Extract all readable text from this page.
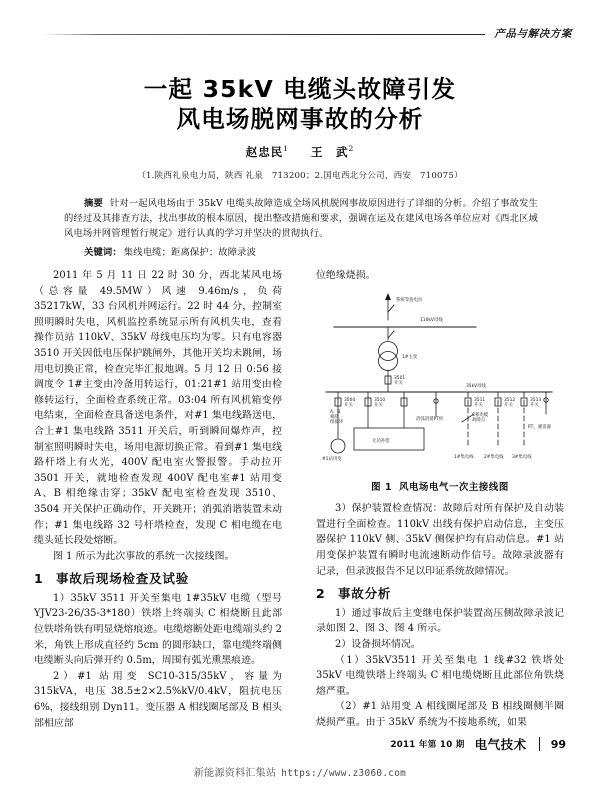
产品与解决方案
一起 35kV 电缆头故障引发
风电场脱网事故的分析
赵忠民$^1$ 王　武$^2$
（1.陕西礼泉电力局，陕西 礼泉　713200；2.国电西北分公司，西安　710075）

摘要 针对一起风电场由于 35kV 电缆头故障造成全场风机脱网事故原因进行了详细的分析。介绍了事故发生的经过及其排查方法，找出事故的根本原因，提出整改措施和要求，强调在运及在建风电场各单位应对《西北区域风电场并网管理暂行规定》进行认真的学习并坚决的贯彻执行。

关键词： 集线电缆；距离保护；故障录波

2011 年 5 月 11 日 22 时 30 分，西北某风电场（总容量 49.5MW）风速 9.46m/s，负荷 35217kW，33 台风机并网运行。22 时 44 分，控制室照明瞬时失电，风机监控系统显示所有风机失电，查看操作员站 110kV、35kV 母线电压均为零。只有电容器 3510 开关因低电压保护跳闸外，其他开关均未跳闸，场用电切换正常，检查完毕汇报地调。5 月 12 日 0:56 接调度令 1#主变由冷备用转运行，01:21#1 站用变由检修转运行，全面检查系统正常。03:04 所有风机箱变停电结束，全面检查具备送电条件，对#1 集电线路送电，合上#1 集电线路 3511 开关后，听到瞬间爆炸声，控制室照明瞬时失电，场用电源切换正常。看到#1 集电线路杆塔上有火光，400V 配电室火警报警。手动拉开 3501 开关，就地检查发现 400V 配电室#1 站用变 A、B 相绝缘击穿；35kV 配电室检查发现 3510、3504 开关保护正确动作，开关跳开；消弧消谐装置未动作；#1 集电线路 32 号杆塔检查，发现 C 相电缆在电缆头延长段处熔断。

图 1 所示为此次事故的系统一次接线图。

1	事故后现场检查及试验

1）35kV 3511 开关至集电 1#35kV 电缆（型号 YJV23-26/35-3*180）铁塔上终端头 C 相烧断且此部位铁塔角铁有明显烧熔痕迹。电缆熔断处距电缆端头约 2 米，角铁上形成直径约 5cm 的圆形缺口，靠电缆终端侧电缆断头向后弹开约 0.5m，周围有弧光熏黑痕迹。

2）#1 站用变 SC10-315/35kV，容量为 315kVA，电压 38.5±2×2.5%kV/0.4kV，阻抗电压 6%，接线组别 Dyn11。变压器 A 相线圈尾部及 B 相头部相应部

位绝缘烧损。

系统等值电抗
110kV母线
1#主变
3501
开关
35kV母线
3504
开关
3510
开关
3511
开关
3512
开关
3513
开关
消弧消谐PT柜
C相电缆
故障点
A、B
相绕
组损坏
#1站用变
无功补偿
1#集电线 2#集电线 3#集电线
PT、避雷器
图 1 风电场电气一次主接线图

3）保护装置检查情况：故障后对所有保护及自动装置进行全面检查。110kV 出线有保护启动信息，主变压器保护 110kV 侧、35kV 侧保护均有启动信息。#1 站用变保护装置有瞬时电流速断动作信号。故障录波器有记录，但录波报告不足以印证系统故障情况。

2	事故分析

1）通过事故后主变继电保护装置高压侧故障录波记录如图 2、图 3、图 4 所示。

2）设备损坏情况。

（1）35kV3511 开关至集电 1 线#32 铁塔处 35kV 电缆铁塔上终端头 C 相电缆烧断且此部位角铁烧熔严重。

（2）#1 站用变 A 相线圈尾部及 B 相线圈侧半圈烧损严重。由于 35kV 系统为不接地系统，如果

2011 年第 10 期 电气技术 99
新能源资料汇集站 https://www.z3060.com
